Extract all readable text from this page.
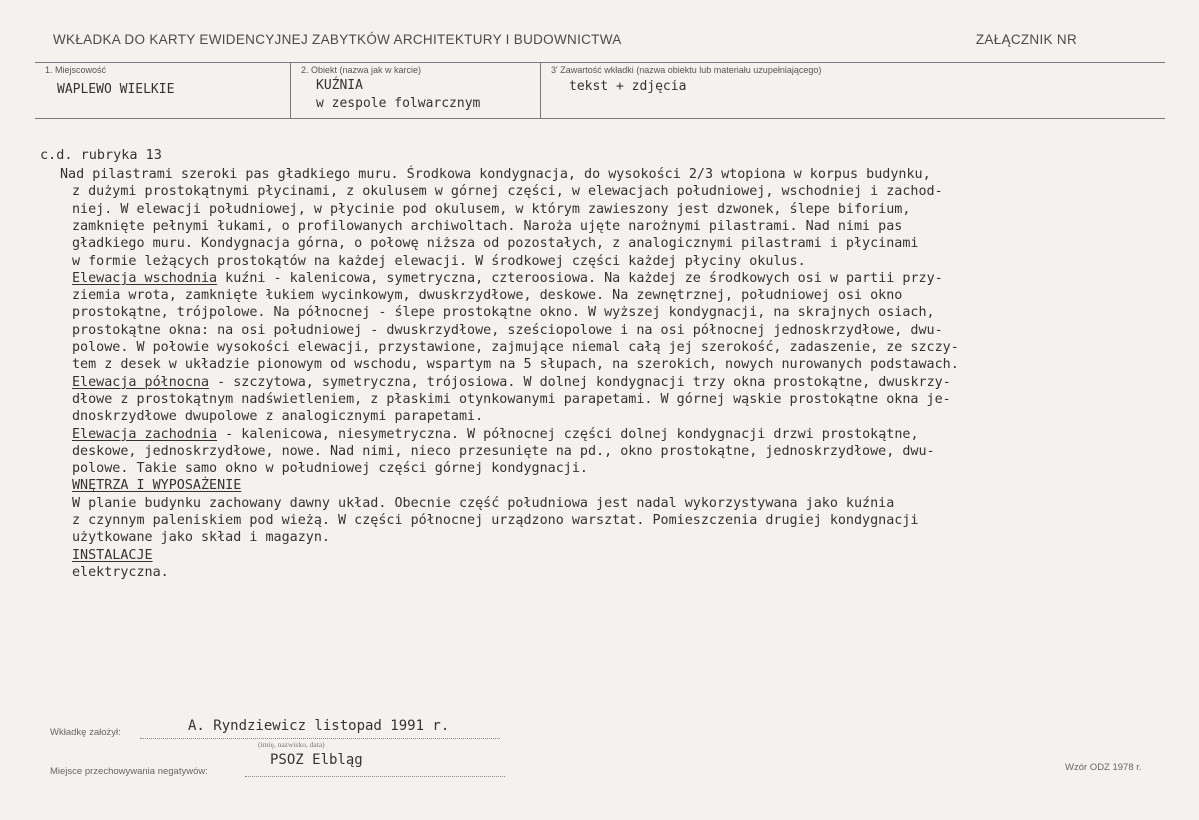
WKŁADKA DO KARTY EWIDENCYJNEJ ZABYTKÓW ARCHITEKTURY I BUDOWNICTWA	ZAŁĄCZNIK NR
1. Miejscowość
WAPLEWO WIELKIE
2. Obiekt (nazwa jak w karcie)
KUŹNIA
w zespole folwarcznym
3' Zawartość wkładki (nazwa obiektu lub materiału uzupełniającego)
tekst + zdjęcia
c.d. rubryka 13
Nad pilastrami szeroki pas gładkiego muru. Środkowa kondygnacja, do wysokości 2/3 wtopiona w korpus budynku,
z dużymi prostokątnymi płycinami, z okulusem w górnej części, w elewacjach południowej, wschodniej i zachod-
niej. W elewacji południowej, w płycinie pod okulusem, w którym zawieszony jest dzwonek, ślepe biforium,
zamknięte pełnymi łukami, o profilowanych archiwoltach. Naroża ujęte narożnymi pilastrami. Nad nimi pas
gładkiego muru. Kondygnacja górna, o połowę niższa od pozostałych, z analogicznymi pilastrami i płycinami
w formie leżących prostokątów na każdej elewacji. W środkowej części każdej płyciny okulus.
Elewacja wschodnia kuźni - kalenicowa, symetryczna, czteroosiowa. Na każdej ze środkowych osi w partii przy-
ziemia wrota, zamknięte łukiem wycinkowym, dwuskrzydłowe, deskowe. Na zewnętrznej, południowej osi okno
prostokątne, trójpolowe. Na północnej - ślepe prostokątne okno. W wyższej kondygnacji, na skrajnych osiach,
prostokątne okna: na osi południowej - dwuskrzydłowe, sześciopolowe i na osi północnej jednoskrzydłowe, dwu-
polowe. W połowie wysokości elewacji, przystawione, zajmujące niemal całą jej szerokość, zadaszenie, ze szczy-
tem z desek w układzie pionowym od wschodu, wspartym na 5 słupach, na szerokich, nowych nurowanych podstawach.
Elewacja północna - szczytowa, symetryczna, trójosiowa. W dolnej kondygnacji trzy okna prostokątne, dwuskrzy-
dłowe z prostokątnym nadświetleniem, z płaskimi otynkowanymi parapetami. W górnej wąskie prostokątne okna je-
dnoskrzydłowe dwupolowe z analogicznymi parapetami.
Elewacja zachodnia - kalenicowa, niesymetryczna. W północnej części dolnej kondygnacji drzwi prostokątne,
deskowe, jednoskrzydłowe, nowe. Nad nimi, nieco przesunięte na pd., okno prostokątne, jednoskrzydłowe, dwu-
polowe. Takie samo okno w południowej części górnej kondygnacji.
WNĘTRZA I WYPOSAŻENIE
W planie budynku zachowany dawny układ. Obecnie część południowa jest nadal wykorzystywana jako kuźnia
z czynnym paleniskiem pod wieżą. W części północnej urządzono warsztat. Pomieszczenia drugiej kondygnacji
użytkowane jako skład i magazyn.
INSTALACJE
elektryczna.
Wkładkę założył:	A. Ryndziewicz listopad 1991 r.
(imię, nazwisko, data)
Miejsce przechowywania negatywów:
PSOZ Elbląg	Wzór ODZ 1978 r.
